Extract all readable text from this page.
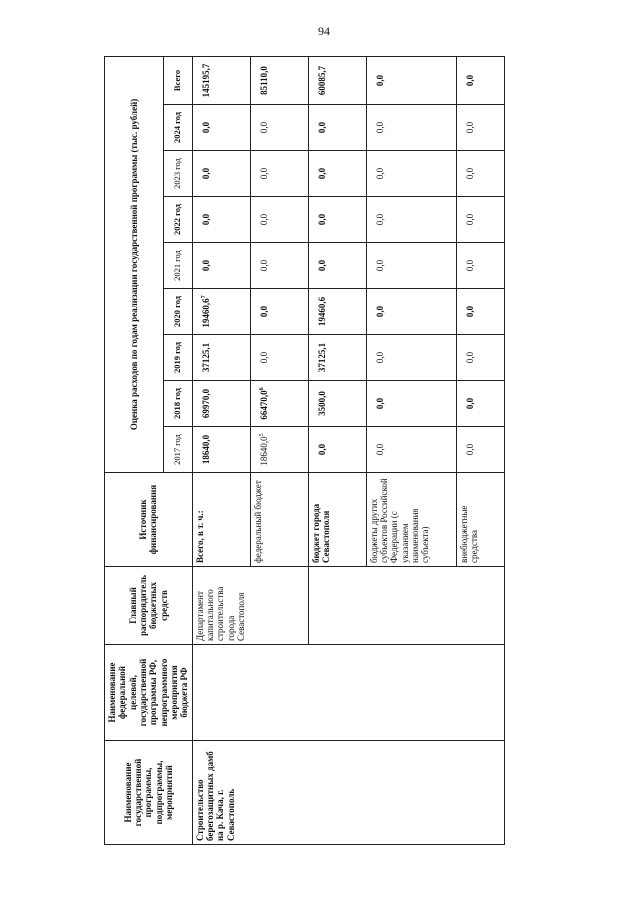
94
Наименование государственной программы, подпрограммы, мероприятий	Наименование федеральной целевой, государственной программы РФ, непрограммного мероприятия бюджета РФ	Главный распорядитель бюджетных средств	Источник финансирования	Оценка расходов по годам реализации государственной программы (тыс. рублей)								
				2017 год	2018 год	2019 год	2020 год	2021 год	2022 год	2023 год	2024 год	Всего
Строительство берегозащитных дамб на р. Кача, г. Севастополь		Департамент капитального строительства города Севастополя	Всего, в т. ч.:	18640,0	69970,0	37125,1	19460,6$^7$	0,0	0,0	0,0	0,0	145195,7
			федеральный бюджет	18640,0$^5$	66470,0$^6$	0,0	0,0	0,0	0,0	0,0	0,0	85110,0
			бюджет города Севастополя	0,0	3500,0	37125,1	19460,6	0,0	0,0	0,0	0,0	60085,7
			бюджеты других субъектов Российской Федерации (с указанием наименования субъекта)	0,0	0,0	0,0	0,0	0,0	0,0	0,0	0,0	0,0
			внебюджетные средства	0,0	0,0	0,0	0,0	0,0	0,0	0,0	0,0	0,0
